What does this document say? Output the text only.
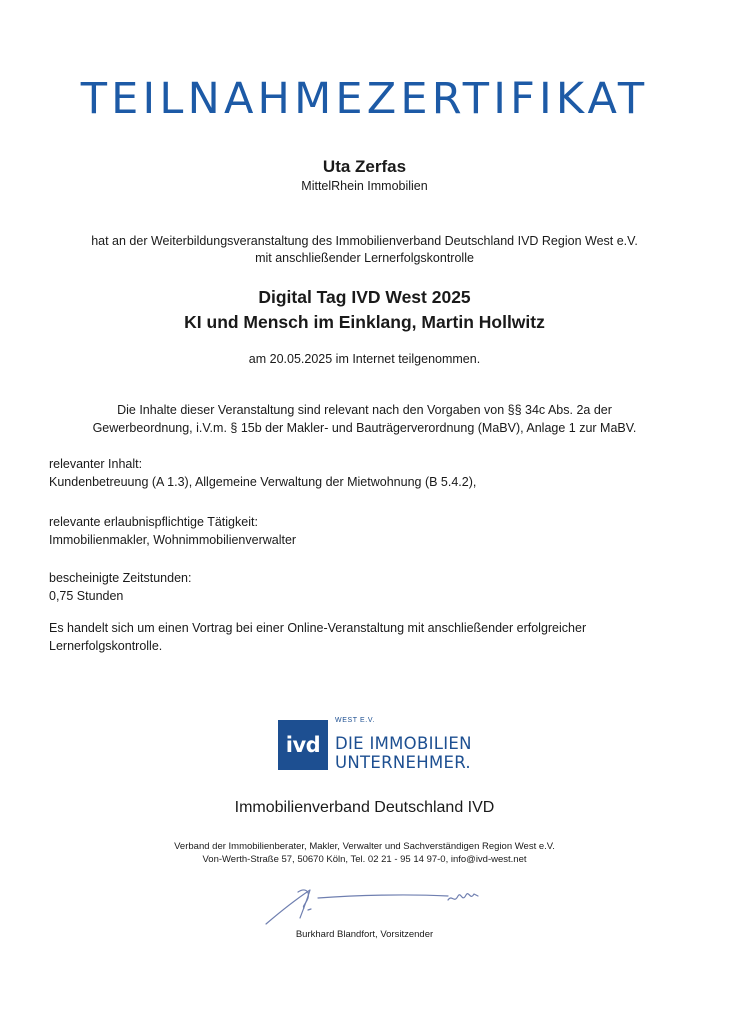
TEILNAHMEZERTIFIKAT
Uta Zerfas
MittelRhein Immobilien
hat an der Weiterbildungsveranstaltung des Immobilienverband Deutschland IVD Region West e.V.
mit anschließender Lernerfolgskontrolle
Digital Tag IVD West 2025
KI und Mensch im Einklang, Martin Hollwitz
am 20.05.2025 im Internet teilgenommen.
Die Inhalte dieser Veranstaltung sind relevant nach den Vorgaben von §§ 34c Abs. 2a der
Gewerbeordnung, i.V.m. § 15b der Makler- und Bauträgerverordnung (MaBV), Anlage 1 zur MaBV.
relevanter Inhalt:
Kundenbetreuung (A 1.3), Allgemeine Verwaltung der Mietwohnung (B 5.4.2),
relevante erlaubnispflichtige Tätigkeit:
Immobilienmakler, Wohnimmobilienverwalter
bescheinigte Zeitstunden:
0,75 Stunden
Es handelt sich um einen Vortrag bei einer Online-Veranstaltung mit anschließender erfolgreicher
Lernerfolgskontrolle.
ivd
WEST E.V.
DIE IMMOBILIEN
UNTERNEHMER.
Immobilienverband Deutschland IVD
Verband der Immobilienberater, Makler, Verwalter und Sachverständigen Region West e.V.
Von-Werth-Straße 57, 50670 Köln, Tel. 02 21 - 95 14 97-0, info@ivd-west.net
Burkhard Blandfort, Vorsitzender
